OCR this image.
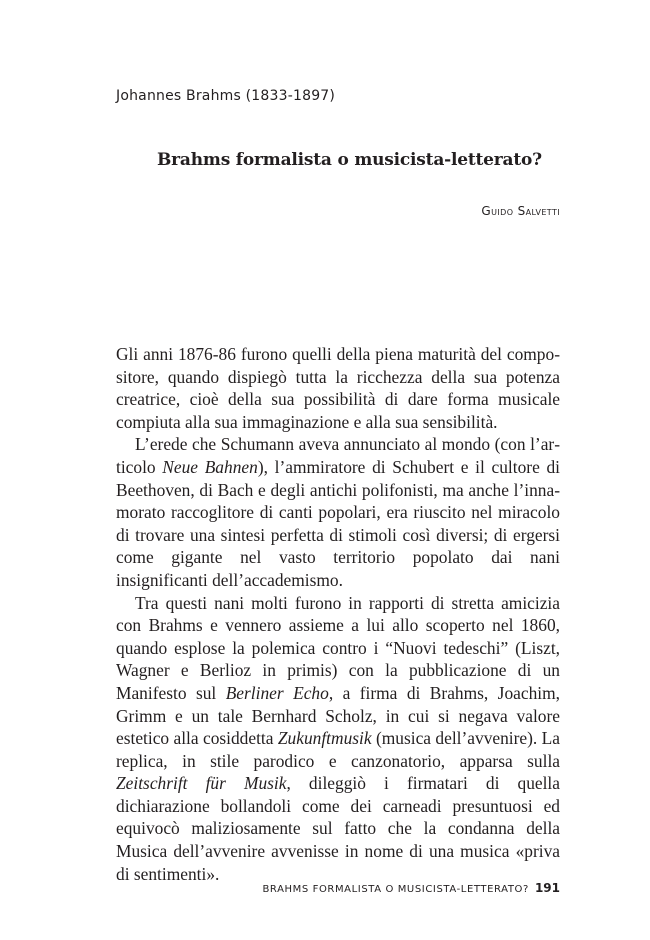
Johannes Brahms (1833-1897)
Brahms formalista o musicista-letterato?
Guido Salvetti

Gli anni 1876-86 furono quelli della piena maturità del compositore, quando dispiegò tutta la ricchezza della sua potenza creatrice, cioè della sua possibilità di dare forma musicale compiuta alla sua immaginazione e alla sua sensibilità.

L’erede che Schumann aveva annunciato al mondo (con l’articolo Neue Bahnen), l’ammiratore di Schubert e il cultore di Beethoven, di Bach e degli antichi polifonisti, ma anche l’innamorato raccoglitore di canti popolari, era riuscito nel miracolo di trovare una sintesi perfetta di stimoli così diversi; di ergersi come gigante nel vasto territorio popolato dai nani insignificanti dell’accademismo.

Tra questi nani molti furono in rapporti di stretta amicizia con Brahms e vennero assieme a lui allo scoperto nel 1860, quando esplose la polemica contro i “Nuovi tedeschi” (Liszt, Wagner e Berlioz in primis) con la pubblicazione di un Manifesto sul Berliner Echo, a firma di Brahms, Joachim, Grimm e un tale Bernhard Scholz, in cui si negava valore estetico alla cosiddetta Zukunftmusik (musica dell’avvenire). La replica, in stile parodico e canzonatorio, apparsa sulla Zeitschrift für Musik, dileggiò i firmatari di quella dichiarazione bollandoli come dei carneadi presuntuosi ed equivocò maliziosamente sul fatto che la condanna della Musica dell’avvenire avvenisse in nome di una musica «priva di sentimenti».

BRAHMS FORMALISTA O MUSICISTA-LETTERATO? 191
